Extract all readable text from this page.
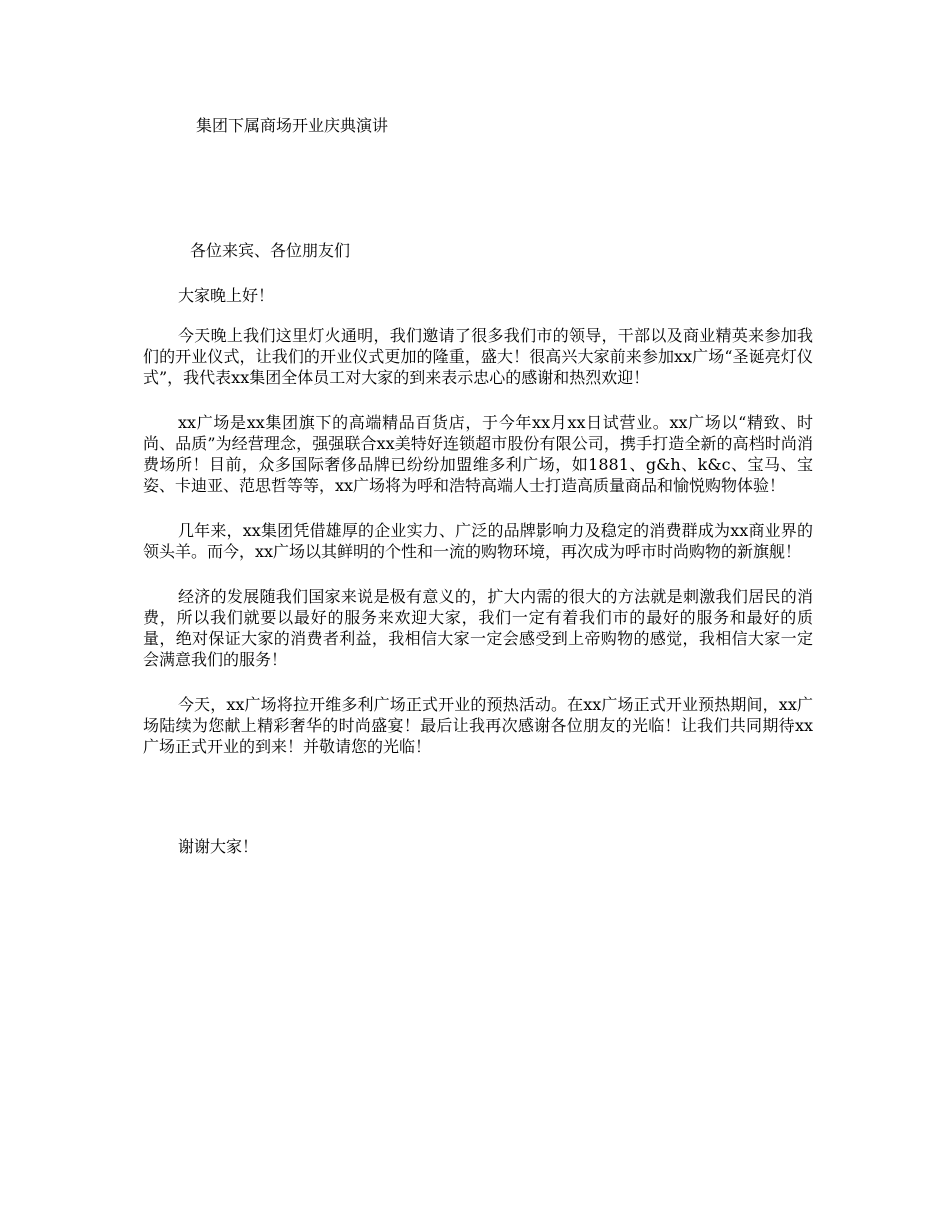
集团下属商场开业庆典演讲
各位来宾、各位朋友们
大家晚上好！

今天晚上我们这里灯火通明，我们邀请了很多我们市的领导，干部以及商业精英来参加我们的开业仪式，让我们的开业仪式更加的隆重，盛大！很高兴大家前来参加xx广场“圣诞亮灯仪式”，我代表xx集团全体员工对大家的到来表示忠心的感谢和热烈欢迎！

xx广场是xx集团旗下的高端精品百货店，于今年xx月xx日试营业。xx广场以“精致、时尚、品质”为经营理念，强强联合xx美特好连锁超市股份有限公司，携手打造全新的高档时尚消费场所！目前，众多国际奢侈品牌已纷纷加盟维多利广场，如1881、g&h、k&c、宝马、宝姿、卡迪亚、范思哲等等，xx广场将为呼和浩特高端人士打造高质量商品和愉悦购物体验！

几年来，xx集团凭借雄厚的企业实力、广泛的品牌影响力及稳定的消费群成为xx商业界的领头羊。而今，xx广场以其鲜明的个性和一流的购物环境，再次成为呼市时尚购物的新旗舰！

经济的发展随我们国家来说是极有意义的，扩大内需的很大的方法就是刺激我们居民的消费，所以我们就要以最好的服务来欢迎大家，我们一定有着我们市的最好的服务和最好的质量，绝对保证大家的消费者利益，我相信大家一定会感受到上帝购物的感觉，我相信大家一定会满意我们的服务！

今天，xx广场将拉开维多利广场正式开业的预热活动。在xx广场正式开业预热期间，xx广场陆续为您献上精彩奢华的时尚盛宴！最后让我再次感谢各位朋友的光临！让我们共同期待xx广场正式开业的到来！并敬请您的光临！

谢谢大家！
